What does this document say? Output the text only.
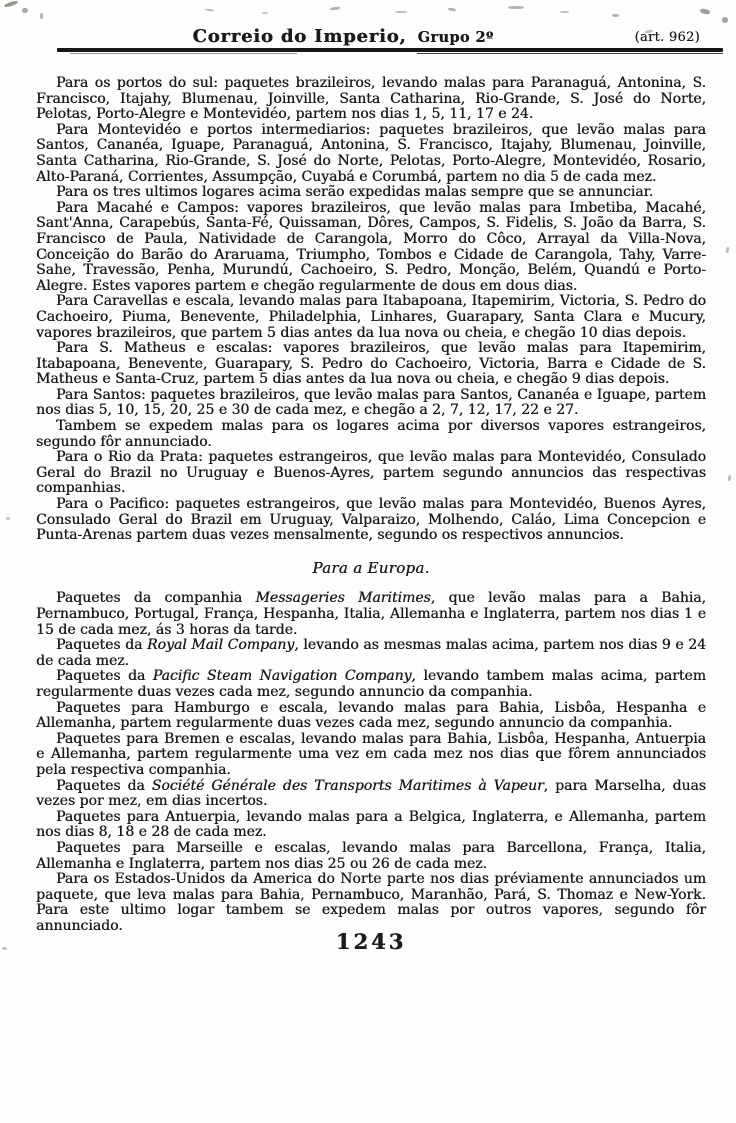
Correio do Imperio, Grupo 2º	(art. 962)

Para os portos do sul: paquetes brazileiros, levando malas para Paranaguá, Antonina, S. Francisco, Itajahy, Blumenau, Joinville, Santa Catharina, Rio-Grande, S. José do Norte, Pelotas, Porto-Alegre e Montevidéo, partem nos dias 1, 5, 11, 17 e 24.

Para Montevidéo e portos intermediarios: paquetes brazileiros, que levão malas para Santos, Cananéa, Iguape, Paranaguá, Antonina, S. Francisco, Itajahy, Blumenau, Joinville, Santa Catharina, Rio-Grande, S. José do Norte, Pelotas, Porto-Alegre, Montevidéo, Rosario, Alto-Paraná, Corrientes, Assumpção, Cuyabá e Corumbá, partem no dia 5 de cada mez.

Para os tres ultimos logares acima serão expedidas malas sempre que se annunciar.

Para Macahé e Campos: vapores brazileiros, que levão malas para Imbetiba, Macahé, Sant'Anna, Carapebús, Santa-Fé, Quissaman, Dôres, Campos, S. Fidelis, S. João da Barra, S. Francisco de Paula, Natividade de Carangola, Morro do Côco, Arrayal da Villa-Nova, Conceição do Barão do Araruama, Triumpho, Tombos e Cidade de Carangola, Tahy, Varre-Sahe, Travessão, Penha, Murundú, Cachoeiro, S. Pedro, Monção, Belém, Quandú e Porto-Alegre. Estes vapores partem e chegão regularmente de dous em dous dias.

Para Caravellas e escala, levando malas para Itabapoana, Itapemirim, Victoria, S. Pedro do Cachoeiro, Piuma, Benevente, Philadelphia, Linhares, Guarapary, Santa Clara e Mucury, vapores brazileiros, que partem 5 dias antes da lua nova ou cheia, e chegão 10 dias depois.

Para S. Matheus e escalas: vapores brazileiros, que levão malas para Itapemirim, Itabapoana, Benevente, Guarapary, S. Pedro do Cachoeiro, Victoria, Barra e Cidade de S. Matheus e Santa-Cruz, partem 5 dias antes da lua nova ou cheia, e chegão 9 dias depois.

Para Santos: paquetes brazileiros, que levão malas para Santos, Cananéa e Iguape, partem nos dias 5, 10, 15, 20, 25 e 30 de cada mez, e chegão a 2, 7, 12, 17, 22 e 27.

Tambem se expedem malas para os logares acima por diversos vapores estrangeiros, segundo fôr annunciado.

Para o Rio da Prata: paquetes estrangeiros, que levão malas para Montevidéo, Consulado Geral do Brazil no Uruguay e Buenos-Ayres, partem segundo annuncios das respectivas companhias.

Para o Pacifico: paquetes estrangeiros, que levão malas para Montevidéo, Buenos Ayres, Consulado Geral do Brazil em Uruguay, Valparaizo, Molhendo, Caláo, Lima Concepcion e Punta-Arenas partem duas vezes mensalmente, segundo os respectivos annuncios.

Para a Europa.

Paquetes da companhia Messageries Maritimes, que levão malas para a Bahia, Pernambuco, Portugal, França, Hespanha, Italia, Allemanha e Inglaterra, partem nos dias 1 e 15 de cada mez, ás 3 horas da tarde.

Paquetes da Royal Mail Company, levando as mesmas malas acima, partem nos dias 9 e 24 de cada mez.

Paquetes da Pacific Steam Navigation Company, levando tambem malas acima, partem regularmente duas vezes cada mez, segundo annuncio da companhia.

Paquetes para Hamburgo e escala, levando malas para Bahia, Lisbôa, Hespanha e Allemanha, partem regularmente duas vezes cada mez, segundo annuncio da companhia.

Paquetes para Bremen e escalas, levando malas para Bahia, Lisbôa, Hespanha, Antuerpia e Allemanha, partem regularmente uma vez em cada mez nos dias que fôrem annunciados pela respectiva companhia.

Paquetes da Société Générale des Transports Maritimes à Vapeur, para Marselha, duas vezes por mez, em dias incertos.

Paquetes para Antuerpia, levando malas para a Belgica, Inglaterra, e Allemanha, partem nos dias 8, 18 e 28 de cada mez.

Paquetes para Marseille e escalas, levando malas para Barcellona, França, Italia, Allemanha e Inglaterra, partem nos dias 25 ou 26 de cada mez.

Para os Estados-Unidos da America do Norte parte nos dias préviamente annunciados um paquete, que leva malas para Bahia, Pernambuco, Maranhão, Pará, S. Thomaz e New-York. Para este ultimo logar tambem se expedem malas por outros vapores, segundo fôr annunciado.

1243
